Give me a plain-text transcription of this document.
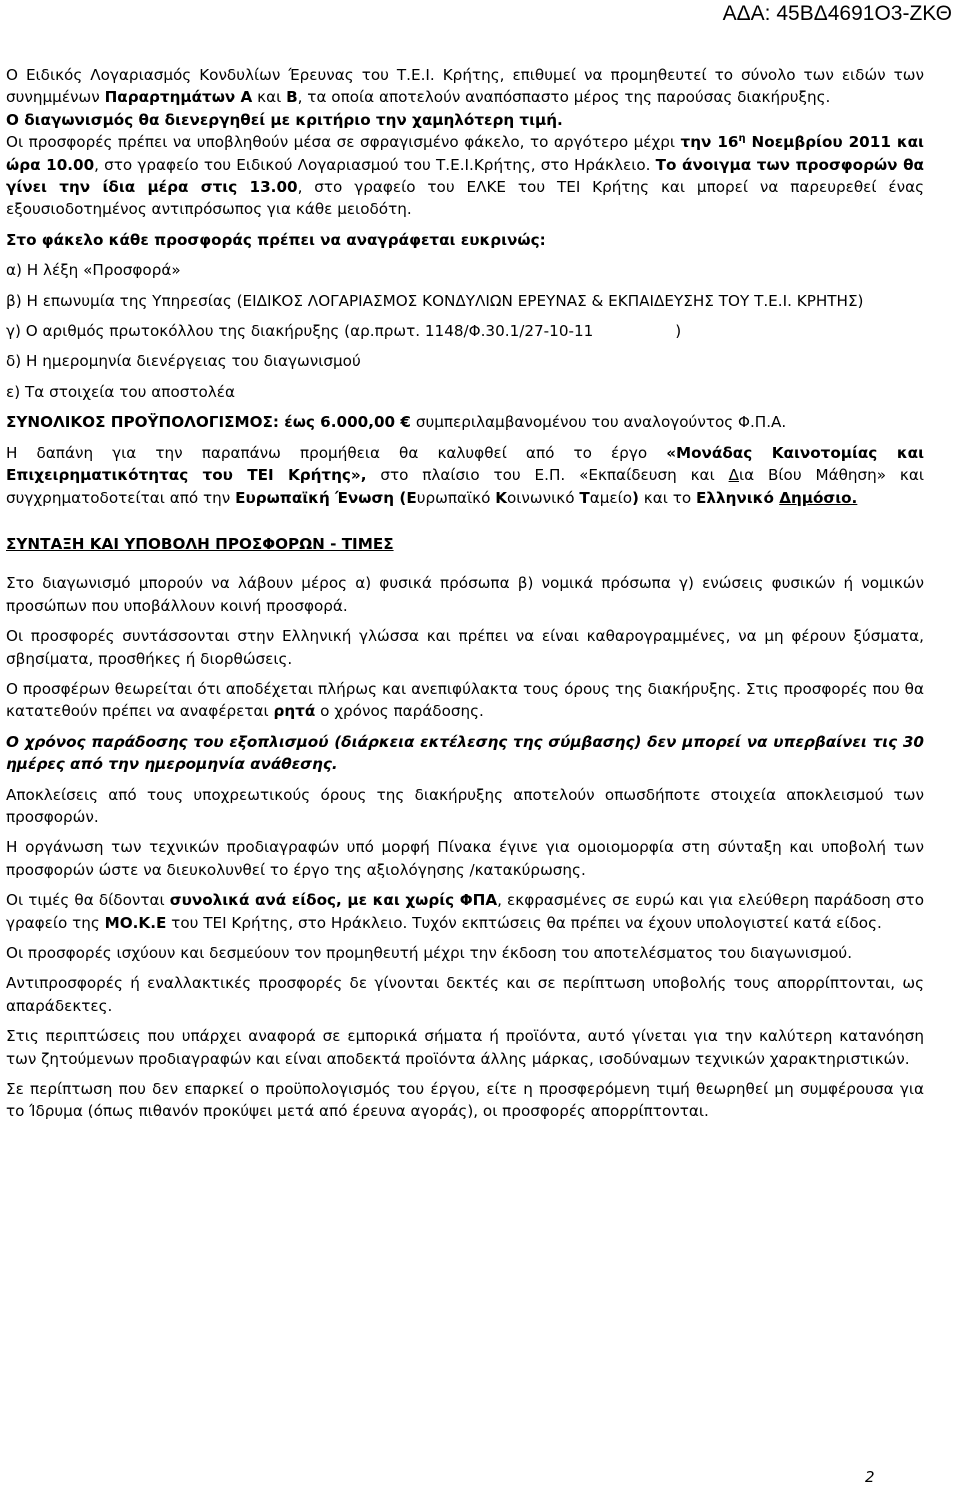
ΑΔΑ: 45ΒΔ4691Ο3-ΖΚΘ

Ο Ειδικός Λογαριασμός Κονδυλίων Έρευνας του Τ.Ε.Ι. Κρήτης, επιθυμεί να προμηθευτεί το σύνολο των ειδών των συνημμένων Παραρτημάτων Α και Β, τα οποία αποτελούν αναπόσπαστο μέρος της παρούσας διακήρυξης.

Ο διαγωνισμός θα διενεργηθεί με κριτήριο την χαμηλότερη τιμή.

Οι προσφορές πρέπει να υποβληθούν μέσα σε σφραγισμένο φάκελο, το αργότερο μέχρι την $16^\eta$ Νοεμβρίου 2011 και ώρα 10.00, στο γραφείο του Ειδικού Λογαριασμού του Τ.Ε.Ι.Κρήτης, στο Ηράκλειο. Το άνοιγμα των προσφορών θα γίνει την ίδια μέρα στις 13.00, στο γραφείο του ΕΛΚΕ του ΤΕΙ Κρήτης και μπορεί να παρευρεθεί ένας εξουσιοδοτημένος αντιπρόσωπος για κάθε μειοδότη.

Στο φάκελο κάθε προσφοράς πρέπει να αναγράφεται ευκρινώς:

α) Η λέξη «Προσφορά»

β) Η επωνυμία της Υπηρεσίας (ΕΙΔΙΚΟΣ ΛΟΓΑΡΙΑΣΜΟΣ ΚΟΝΔΥΛΙΩΝ ΕΡΕΥΝΑΣ & ΕΚΠΑΙΔΕΥΣΗΣ ΤΟΥ Τ.Ε.Ι. ΚΡΗΤΗΣ)

γ) Ο αριθμός πρωτοκόλλου της διακήρυξης (αρ.πρωτ. 1148/Φ.30.1/27-10-11	)

δ) Η ημερομηνία διενέργειας του διαγωνισμού

ε) Τα στοιχεία του αποστολέα

ΣΥΝΟΛΙΚΟΣ ΠΡΟΫΠΟΛΟΓΙΣΜΟΣ: έως 6.000,00 € συμπεριλαμβανομένου του αναλογούντος Φ.Π.Α.

Η δαπάνη για την παραπάνω προμήθεια θα καλυφθεί από το έργο «Μονάδας Καινοτομίας και Επιχειρηματικότητας του ΤΕΙ Κρήτης», στο πλαίσιο του Ε.Π. «Εκπαίδευση και Δια Βίου Μάθηση» και συγχρηματοδοτείται από την Ευρωπαϊκή Ένωση (Ευρωπαϊκό Κοινωνικό Ταμείο) και το Ελληνικό Δημόσιο.

ΣΥΝΤΑΞΗ ΚΑΙ ΥΠΟΒΟΛΗ ΠΡΟΣΦΟΡΩΝ - ΤΙΜΕΣ

Στο διαγωνισμό μπορούν να λάβουν μέρος α) φυσικά πρόσωπα β) νομικά πρόσωπα γ) ενώσεις φυσικών ή νομικών προσώπων που υποβάλλουν κοινή προσφορά.

Οι προσφορές συντάσσονται στην Ελληνική γλώσσα και πρέπει να είναι καθαρογραμμένες, να μη φέρουν ξύσματα, σβησίματα, προσθήκες ή διορθώσεις.

Ο προσφέρων θεωρείται ότι αποδέχεται πλήρως και ανεπιφύλακτα τους όρους της διακήρυξης. Στις προσφορές που θα κατατεθούν πρέπει να αναφέρεται ρητά ο χρόνος παράδοσης.

Ο χρόνος παράδοσης του εξοπλισμού (διάρκεια εκτέλεσης της σύμβασης) δεν μπορεί να υπερβαίνει τις 30 ημέρες από την ημερομηνία ανάθεσης.

Αποκλείσεις από τους υποχρεωτικούς όρους της διακήρυξης αποτελούν οπωσδήποτε στοιχεία αποκλεισμού των προσφορών.

Η οργάνωση των τεχνικών προδιαγραφών υπό μορφή Πίνακα έγινε για ομοιομορφία στη σύνταξη και υποβολή των προσφορών ώστε να διευκολυνθεί το έργο της αξιολόγησης /κατακύρωσης.

Οι τιμές θα δίδονται συνολικά ανά είδος, με και χωρίς ΦΠΑ, εκφρασμένες σε ευρώ και για ελεύθερη παράδοση στο γραφείο της ΜΟ.Κ.Ε του ΤΕΙ Κρήτης, στο Ηράκλειο. Τυχόν εκπτώσεις θα πρέπει να έχουν υπολογιστεί κατά είδος.

Οι προσφορές ισχύουν και δεσμεύουν τον προμηθευτή μέχρι την έκδοση του αποτελέσματος του διαγωνισμού.

Αντιπροσφορές ή εναλλακτικές προσφορές δε γίνονται δεκτές και σε περίπτωση υποβολής τους απορρίπτονται, ως απαράδεκτες.

Στις περιπτώσεις που υπάρχει αναφορά σε εμπορικά σήματα ή προϊόντα, αυτό γίνεται για την καλύτερη κατανόηση των ζητούμενων προδιαγραφών και είναι αποδεκτά προϊόντα άλλης μάρκας, ισοδύναμων τεχνικών χαρακτηριστικών.

Σε περίπτωση που δεν επαρκεί ο προϋπολογισμός του έργου, είτε η προσφερόμενη τιμή θεωρηθεί μη συμφέρουσα για το Ίδρυμα (όπως πιθανόν προκύψει μετά από έρευνα αγοράς), οι προσφορές απορρίπτονται.

2
